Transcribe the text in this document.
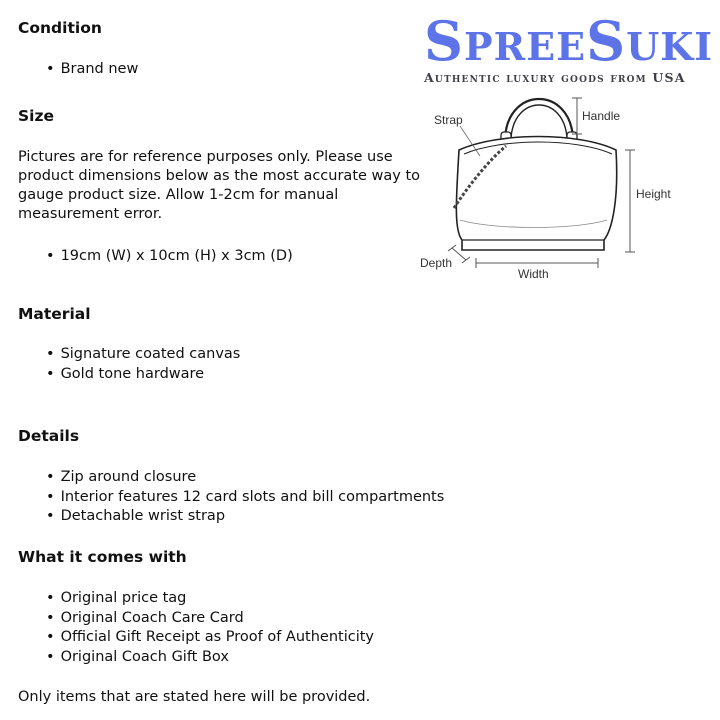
SpreeSuki
Authentic luxury goods from USA
Strap	Handle
Height
Depth
Width
Condition
• Brand new
Size

Pictures are for reference purposes only. Please use

product dimensions below as the most accurate way to

gauge product size. Allow 1-2cm for manual

measurement error.

• 19cm (W) x 10cm (H) x 3cm (D)
Material
• Signature coated canvas
• Gold tone hardware
Details
• Zip around closure
• Interior features 12 card slots and bill compartments
• Detachable wrist strap
What it comes with
• Original price tag
• Original Coach Care Card
• Official Gift Receipt as Proof of Authenticity
• Original Coach Gift Box

Only items that are stated here will be provided.
